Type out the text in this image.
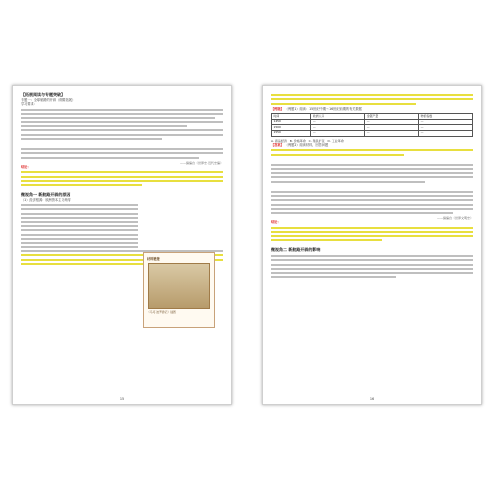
【拓展阅读与专题突破】
专题一：全球航路的开辟（纲要拓展）
学习要求：
——摘编自《世界史·近代史编》
结论：
微视角一 新航路开辟的原因
（1）经济根源：欧洲资本主义萌芽
材料链接
《马可·波罗游记》插图
15
【例题】 （例题1）阅读：15世纪中期～16世纪前期的有关数据
时间	欧洲人口	金银产量	物价指数
1450	—	—	—
1500	—	—	—
1550	—	—	—
A. 商品经济 B. 价格革命 C. 殖民扩张 D. 工业革命
【答案】 （例题2）阅读材料，回答问题
——摘编自《世界文明史》
结论：
微视角二 新航路开辟的影响
16
